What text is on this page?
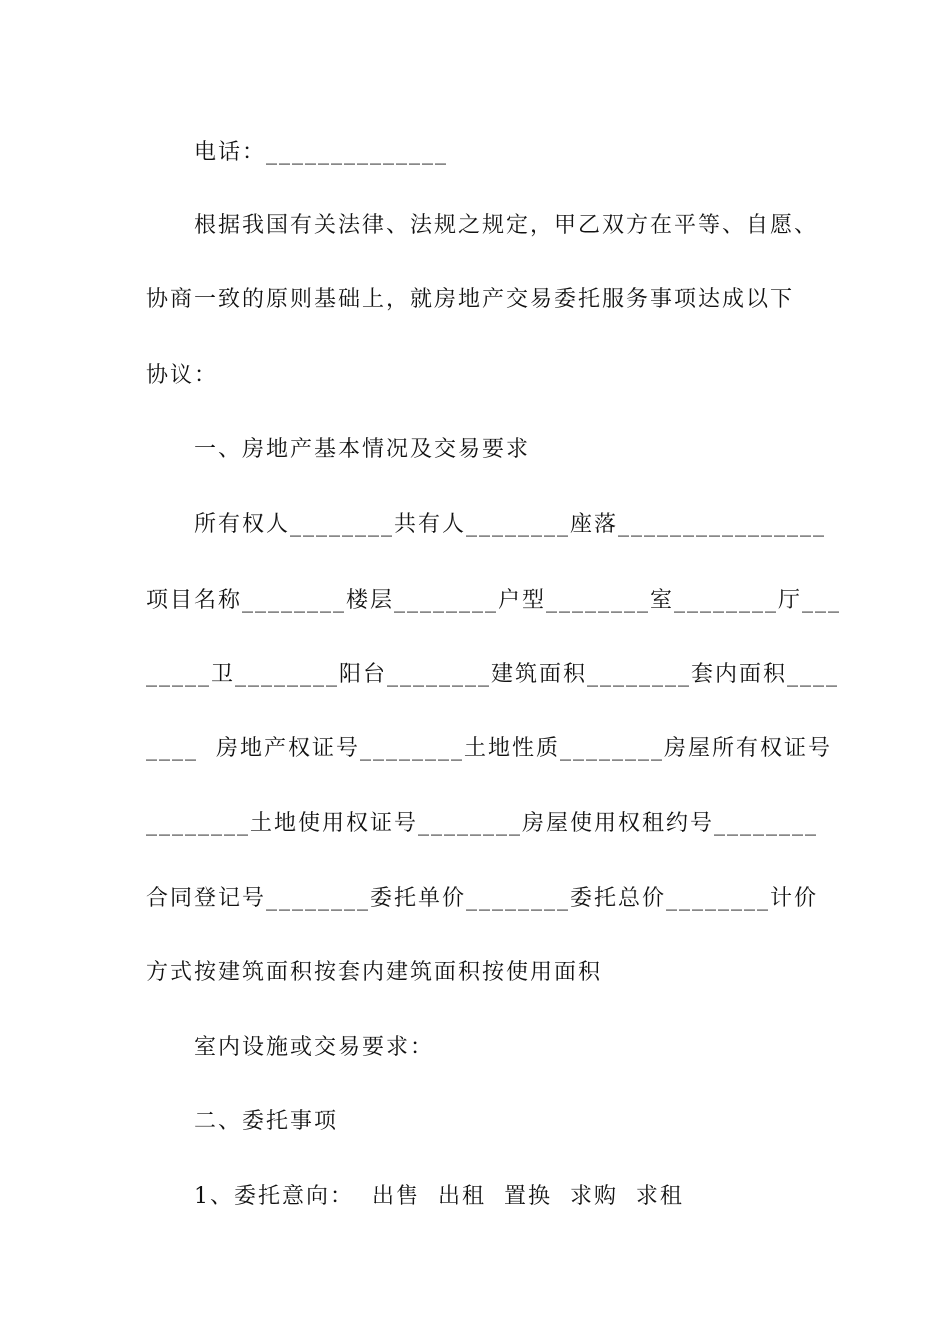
电话：______________
根据我国有关法律、法规之规定，甲乙双方在平等、自愿、
协商一致的原则基础上，就房地产交易委托服务事项达成以下
协议：
一、房地产基本情况及交易要求
所有权人________共有人________座落________________
项目名称________楼层________户型________室________厅___
_____卫________阳台________建筑面积________套内面积____
____  房地产权证号________土地性质________房屋所有权证号
________土地使用权证号________房屋使用权租约号________
合同登记号________委托单价________委托总价________计价
方式按建筑面积按套内建筑面积按使用面积
室内设施或交易要求：
二、委托事项
1、委托意向：  出售  出租  置换  求购  求租
